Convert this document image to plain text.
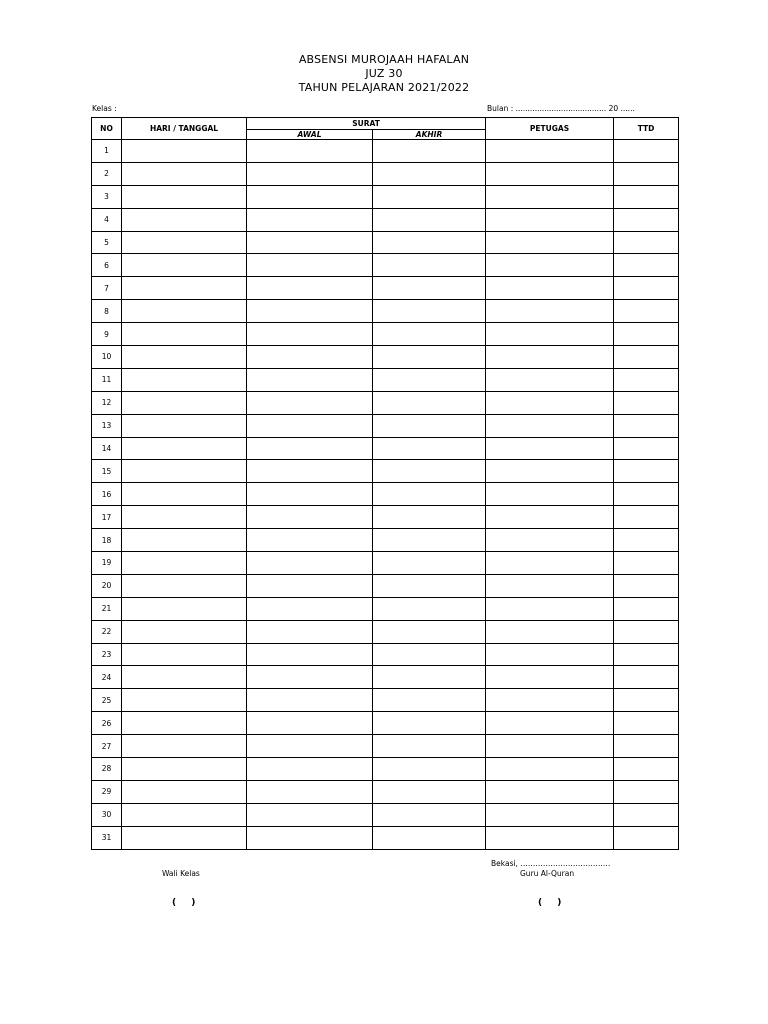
ABSENSI MUROJAAH HAFALAN
JUZ 30
TAHUN PELAJARAN 2021/2022
Kelas :	Bulan : ...................................... 20 ......
NO	HARI / TANGGAL	SURAT		PETUGAS	TTD
		AWAL	AKHIR		
1					
2					
3					
4					
5					
6					
7					
8					
9					
10					
11					
12					
13					
14					
15					
16					
17					
18					
19					
20					
21					
22					
23					
24					
25					
26					
27					
28					
29					
30					
31					
Bekasi, ………………………………
Wali Kelas	Guru Al-Quran
( )	( )
